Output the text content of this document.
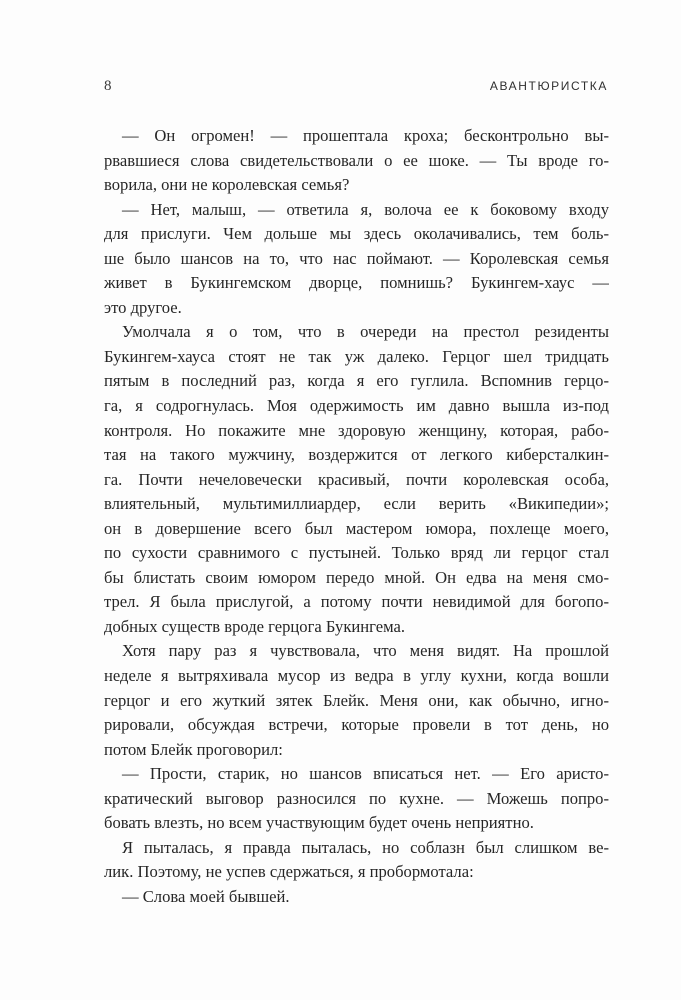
8	АВАНТЮРИСТКА
— Он огромен! — прошептала кроха; бесконтрольно вы-
рвавшиеся слова свидетельствовали о ее шоке. — Ты вроде го-
ворила, они не королевская семья?
— Нет, малыш, — ответила я, волоча ее к боковому входу
для прислуги. Чем дольше мы здесь околачивались, тем боль-
ше было шансов на то, что нас поймают. — Королевская семья
живет в Букингемском дворце, помнишь? Букингем-хаус —
это другое.
Умолчала я о том, что в очереди на престол резиденты
Букингем-хауса стоят не так уж далеко. Герцог шел тридцать
пятым в последний раз, когда я его гуглила. Вспомнив герцо-
га, я содрогнулась. Моя одержимость им давно вышла из-под
контроля. Но покажите мне здоровую женщину, которая, рабо-
тая на такого мужчину, воздержится от легкого киберсталкин-
га. Почти нечеловечески красивый, почти королевская особа,
влиятельный, мультимиллиардер, если верить «Википедии»;
он в довершение всего был мастером юмора, похлеще моего,
по сухости сравнимого с пустыней. Только вряд ли герцог стал
бы блистать своим юмором передо мной. Он едва на меня смо-
трел. Я была прислугой, а потому почти невидимой для богопо-
добных существ вроде герцога Букингема.
Хотя пару раз я чувствовала, что меня видят. На прошлой
неделе я вытряхивала мусор из ведра в углу кухни, когда вошли
герцог и его жуткий зятек Блейк. Меня они, как обычно, игно-
рировали, обсуждая встречи, которые провели в тот день, но
потом Блейк проговорил:
— Прости, старик, но шансов вписаться нет. — Его аристо-
кратический выговор разносился по кухне. — Можешь попро-
бовать влезть, но всем участвующим будет очень неприятно.
Я пыталась, я правда пыталась, но соблазн был слишком ве-
лик. Поэтому, не успев сдержаться, я пробормотала:
— Слова моей бывшей.
